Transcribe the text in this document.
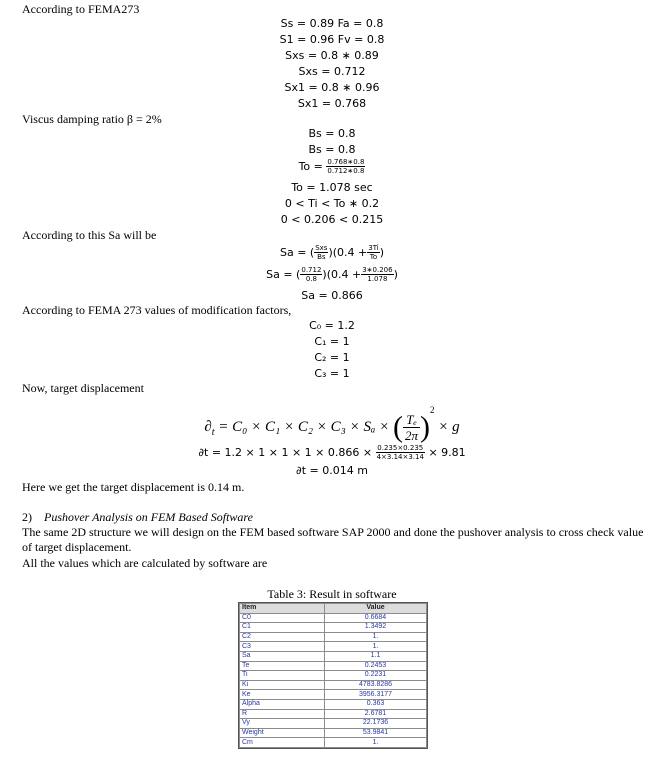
According to FEMA273
Ss = 0.89 Fa = 0.8
S1 = 0.96 Fv = 0.8
Sxs = 0.8 ∗ 0.89
Sxs = 0.712
Sx1 = 0.8 ∗ 0.96
Sx1 = 0.768
Viscus damping ratio β = 2%
Bs = 0.8
Bs = 0.8
$To = \frac{0.768∗0.8}{0.712∗0.8}$
To = 1.078 sec
0 < Ti < To ∗ 0.2
0 < 0.206 < 0.215
According to this Sa will be
Sa = ( $\frac{\text{Sxs}}{Bs} )(0.4 + \frac{3Ti}{To}$ )
Sa = ( $\frac{0.712}{0.8} )(0.4 + \frac{3∗0.206}{1.078}$ )
Sa = 0.866
According to FEMA 273 values of modification factors,
C₀ = 1.2
C₁ = 1
C₂ = 1
C₃ = 1
Now, target displacement
$\partial_t = C_0 \times C_1 \times C_2 \times C_3 \times S_a$ × ( $\frac{\text{Tₑ}}{2\pi} )^2 \times g$
$\partial t = 1.2 \times 1 \times 1 \times 1 \times 0.866 \times \frac{0.235\times 0.235}{4\times 3.14\times 3.14} \times 9.81$
∂t = 0.014 m
Here we get the target displacement is 0.14 m.
2) Pushover Analysis on FEM Based Software
The same 2D structure we will design on the FEM based software SAP 2000 and done the pushover analysis to cross check value of target displacement.
All the values which are calculated by software are
Table 3: Result in software
Item	Value
C0	0.6684
C1	1.3492
C2	1.
C3	1.
Sa	1.1
Te	0.2453
Ti	0.2231
Ki	4783.8286
Ke	3956.3177
Alpha	0.363
R	2.6781
Vy	22.1736
Weight	53.9841
Cm	1.
